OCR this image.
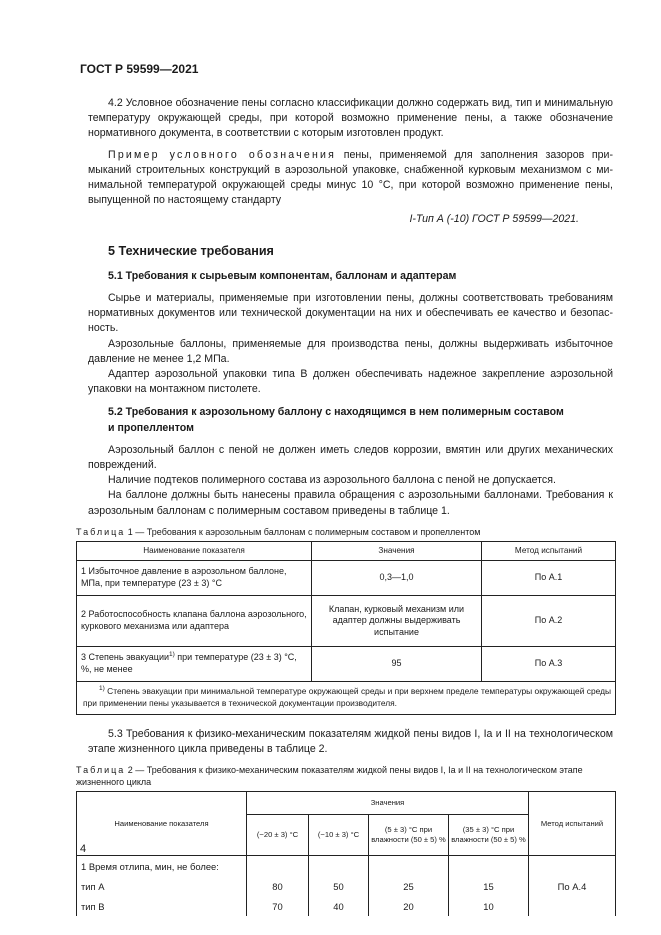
ГОСТ Р 59599—2021

4.2 Условное обозначение пены согласно классификации должно содержать вид, тип и минимальную температуру окружающей среды, при которой возможно применение пены, а также обозначение нормативного документа, в соответствии с которым изготовлен продукт.

Пример условного обозначения пены, применяемой для заполнения зазоров примыканий строительных конструкций в аэрозольной упаковке, снабженной курковым механизмом с минимальной температурой окружающей среды минус 10 °С, при которой возможно применение пены, выпущенной по настоящему стандарту

I-Тип А (-10) ГОСТ Р 59599—2021.

5 Технические требования
5.1 Требования к сырьевым компонентам, баллонам и адаптерам

Сырье и материалы, применяемые при изготовлении пены, должны соответствовать требованиям нормативных документов или технической документации на них и обеспечивать ее качество и безопасность.

Аэрозольные баллоны, применяемые для производства пены, должны выдерживать избыточное давление не менее 1,2 МПа.

Адаптер аэрозольной упаковки типа В должен обеспечивать надежное закрепление аэрозольной упаковки на монтажном пистолете.

5.2 Требования к аэрозольному баллону с находящимся в нем полимерным составом
и пропеллентом

Аэрозольный баллон с пеной не должен иметь следов коррозии, вмятин или других механических повреждений.

Наличие подтеков полимерного состава из аэрозольного баллона с пеной не допускается.

На баллоне должны быть нанесены правила обращения с аэрозольными баллонами. Требования к аэрозольным баллонам с полимерным составом приведены в таблице 1.

Таблица 1 — Требования к аэрозольным баллонам с полимерным составом и пропеллентом
Наименование показателя	Значения	Метод испытаний
1 Избыточное давление в аэрозольном баллоне, МПа, при температуре (23 ± 3) °С	0,3—1,0	По А.1
2 Работоспособность клапана баллона аэрозольного, куркового механизма или адаптера	Клапан, курковый механизм или адаптер должны выдерживать испытание	По А.2
3 Степень эвакуации$^{1)}$ при температуре (23 ± 3) °С, %, не менее	95	По А.3
$^{1)}$ Степень эвакуации при минимальной температуре окружающей среды и при верхнем пределе температуры окружающей среды при применении пены указывается в технической документации производителя.		

5.3 Требования к физико-механическим показателям жидкой пены видов I, Iа и II на технологическом этапе жизненного цикла приведены в таблице 2.

Таблица 2 — Требования к физико-механическим показателям жидкой пены видов I, Iа и II на технологическом этапе жизненного цикла
Наименование показателя	Значения				Метод испытаний
	(−20 ± 3) °С	(−10 ± 3) °С	(5 ± 3) °С при влажности (50 ± 5) %	(35 ± 3) °С при влажности (50 ± 5) %	
1 Время отлипа, мин, не более:					
тип А	80	50	25	15	По А.4
тип В	70	40	20	10	
4
